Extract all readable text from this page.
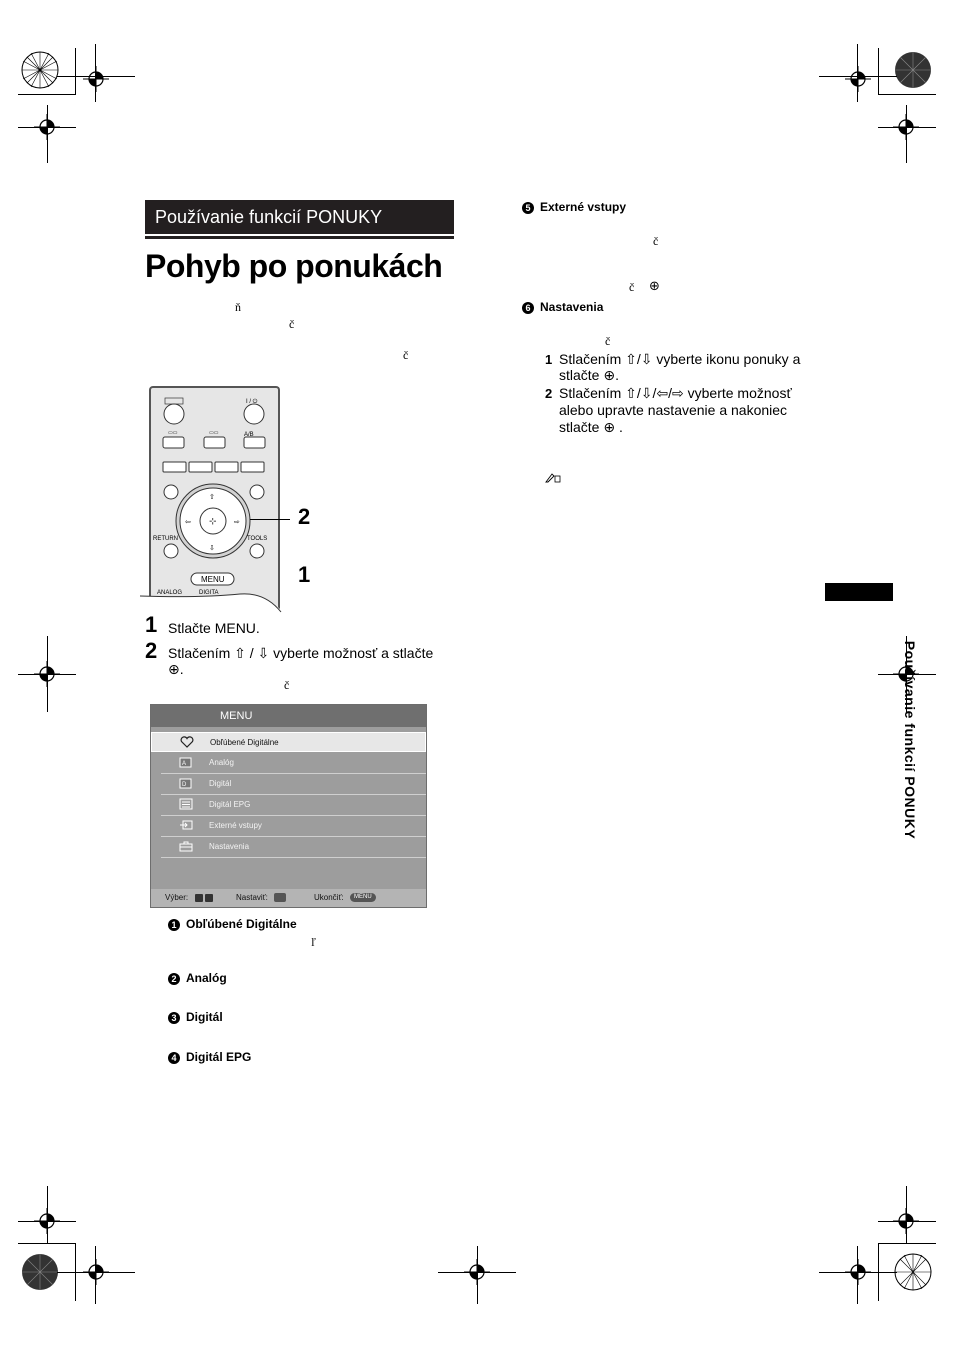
Používanie funkcií PONUKY
Pohyb po ponukách
ň
č
č
I / ⏻
▭▭	▭▭
⊹
⇧
⇩
⇦	⇨
A/B
RETURN	TOOLS
MENU
ANALOG	DIGITA
2
1
1 Stlačte MENU.
2 Stlačením ⇧ / ⇩ vyberte možnosť a stlačte
⊕.
č
MENU
Obľúbené Digitálne
A	Analóg
D	Digitál
Digitál EPG
Externé vstupy
Nastavenia
Výber:	Nastaviť:	Ukončiť:	MENU
1 Obľúbené Digitálne
ľ
2 Analóg
3 Digitál
4 Digitál EPG
5 Externé vstupy
č
č ⊕
6 Nastavenia
č
1 Stlačením ⇧/⇩ vyberte ikonu ponuky a
stlačte ⊕.
2 Stlačením ⇧/⇩/⇦/⇨ vyberte možnosť
alebo upravte nastavenie a nakoniec
stlačte ⊕ .
Používanie funkcií PONUKY
